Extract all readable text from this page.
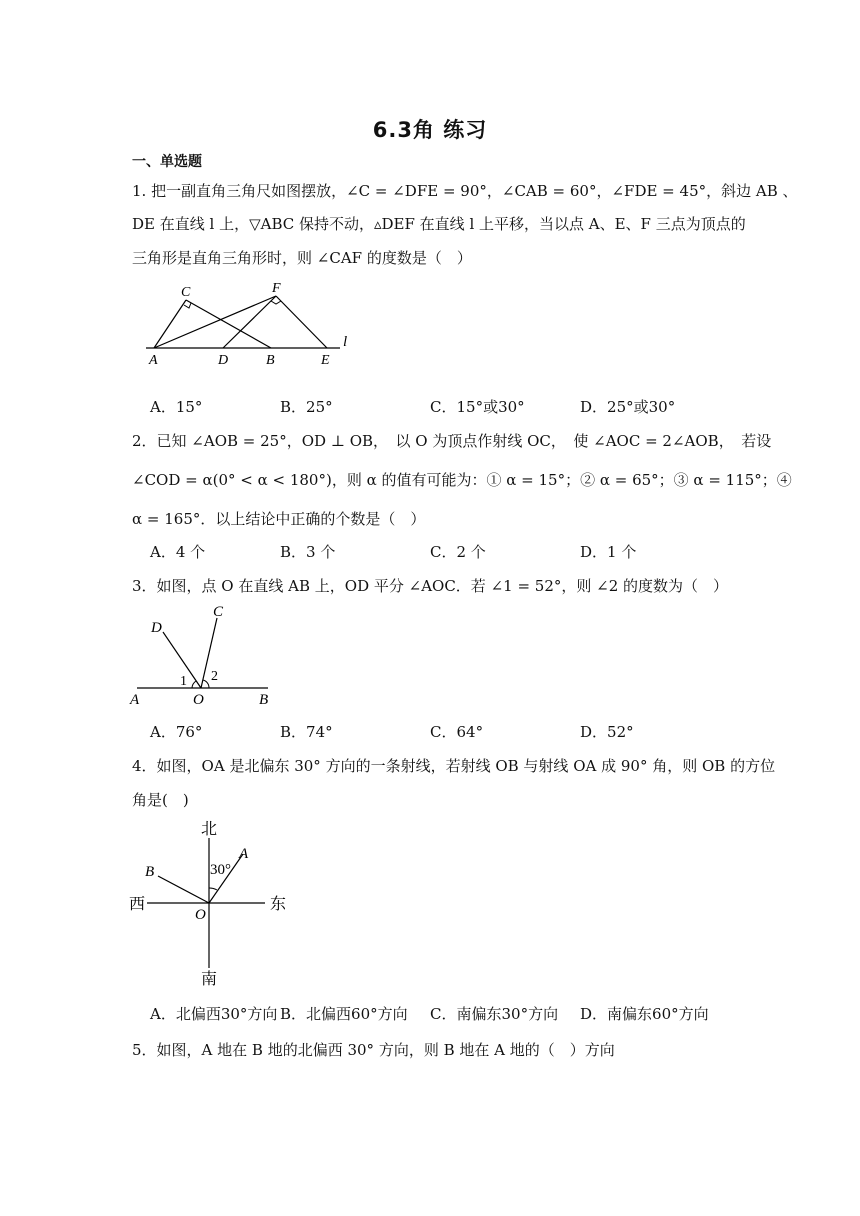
6.3角 练习
一、单选题
1. 把一副直角三角尺如图摆放，∠C = ∠DFE = 90°，∠CAB = 60°，∠FDE = 45°，斜边 AB 、
DE 在直线 l 上，▽ABC 保持不动，▵DEF 在直线 l 上平移，当以点 A、E、F 三点为顶点的
三角形是直角三角形时，则 ∠CAF 的度数是（　）
C	F
A	D	B	E
l
A．15°	B．25°	C．15°或30°	D．25°或30°
2．已知 ∠AOB = 25°，OD ⊥ OB，　以 O 为顶点作射线 OC，　使 ∠AOC = 2∠AOB，　若设
∠COD = α(0° < α < 180°)，则 α 的值有可能为：① α = 15°；② α = 65°；③ α = 115°；④
α = 165°．以上结论中正确的个数是（　）
A．4 个	B．3 个	C．2 个	D．1 个
3．如图，点 O 在直线 AB 上，OD 平分 ∠AOC．若 ∠1 = 52°，则 ∠2 的度数为（　）
D
C
1 2
A	O	B
A．76°	B．74°	C．64°	D．52°
4．如图，OA 是北偏东 30° 方向的一条射线，若射线 OB 与射线 OA 成 90° 角，则 OB 的方位
角是(　)
北
南
西	东
A
B
O
30°
A．北偏西30°方向 B．北偏西60°方向 C．南偏东30°方向 D．南偏东60°方向
5．如图，A 地在 B 地的北偏西 30° 方向，则 B 地在 A 地的（　）方向
